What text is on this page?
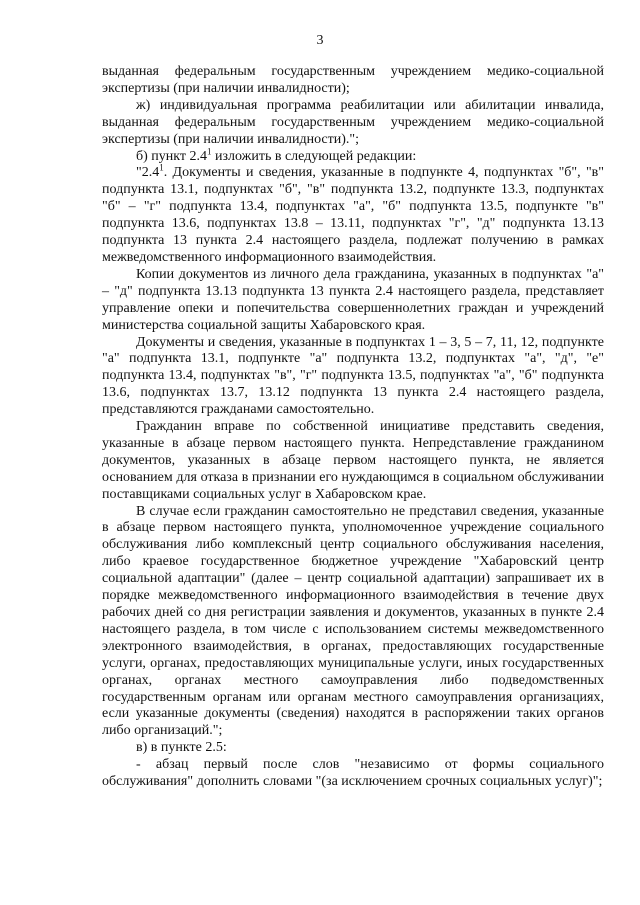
3

выданная федеральным государственным учреждением медико-социальной экспертизы (при наличии инвалидности);

ж) индивидуальная программа реабилитации или абилитации инвалида, выданная федеральным государственным учреждением медико-социальной экспертизы (при наличии инвалидности).";

б) пункт $2.4^1$ изложить в следующей редакции:

"$2.4^1$. Документы и сведения, указанные в подпункте 4, подпунктах "б", "в" подпункта 13.1, подпунктах "б", "в" подпункта 13.2, подпункте 13.3, подпунктах "б" – "г" подпункта 13.4, подпунктах "а", "б" подпункта 13.5, подпункте "в" подпункта 13.6, подпунктах 13.8 – 13.11, подпунктах "г", "д" подпункта 13.13 подпункта 13 пункта 2.4 настоящего раздела, подлежат получению в рамках межведомственного информационного взаимодействия.

Копии документов из личного дела гражданина, указанных в подпунктах "а" – "д" подпункта 13.13 подпункта 13 пункта 2.4 настоящего раздела, представляет управление опеки и попечительства совершеннолетних граждан и учреждений министерства социальной защиты Хабаровского края.

Документы и сведения, указанные в подпунктах 1 – 3, 5 – 7, 11, 12, подпункте "а" подпункта 13.1, подпункте "а" подпункта 13.2, подпунктах "а", "д", "е" подпункта 13.4, подпунктах "в", "г" подпункта 13.5, подпунктах "а", "б" подпункта 13.6, подпунктах 13.7, 13.12 подпункта 13 пункта 2.4 настоящего раздела, представляются гражданами самостоятельно.

Гражданин вправе по собственной инициативе представить сведения, указанные в абзаце первом настоящего пункта. Непредставление гражданином документов, указанных в абзаце первом настоящего пункта, не является основанием для отказа в признании его нуждающимся в социальном обслуживании поставщиками социальных услуг в Хабаровском крае.

В случае если гражданин самостоятельно не представил сведения, указанные в абзаце первом настоящего пункта, уполномоченное учреждение социального обслуживания либо комплексный центр социального обслуживания населения, либо краевое государственное бюджетное учреждение "Хабаровский центр социальной адаптации" (далее – центр социальной адаптации) запрашивает их в порядке межведомственного информационного взаимодействия в течение двух рабочих дней со дня регистрации заявления и документов, указанных в пункте 2.4 настоящего раздела, в том числе с использованием системы межведомственного электронного взаимодействия, в органах, предоставляющих государственные услуги, органах, предоставляющих муниципальные услуги, иных государственных органах, органах местного самоуправления либо подведомственных государственным органам или органам местного самоуправления организациях, если указанные документы (сведения) находятся в распоряжении таких органов либо организаций.";

в) в пункте 2.5:

- абзац первый после слов "независимо от формы социального обслуживания" дополнить словами "(за исключением срочных социальных услуг)";
